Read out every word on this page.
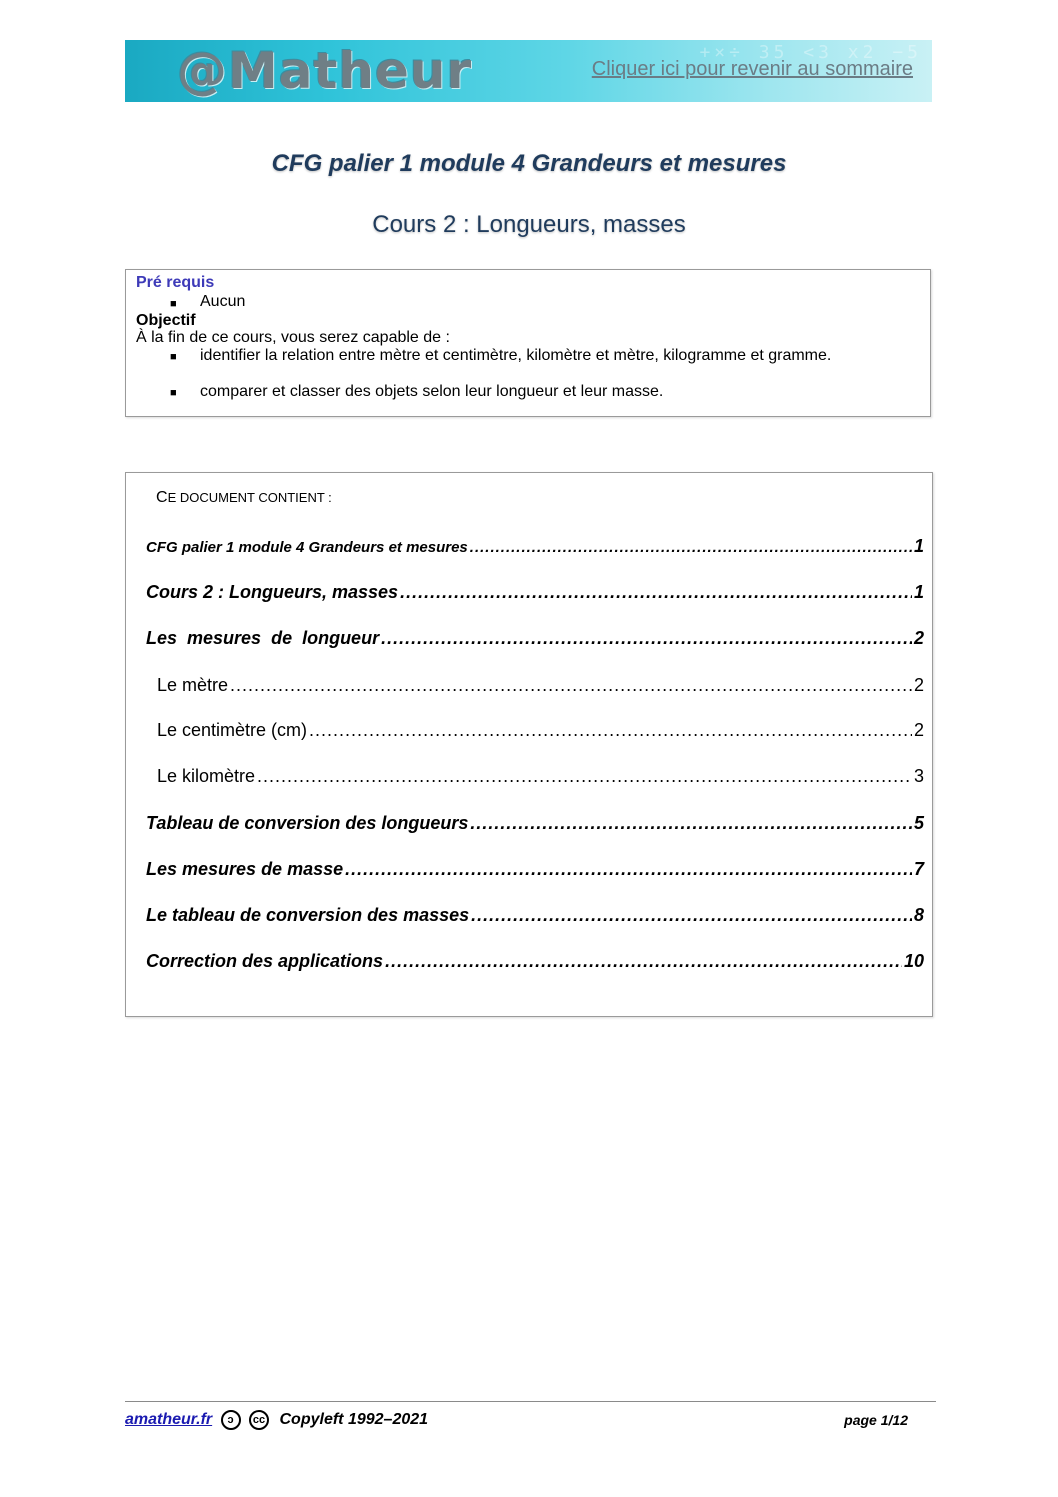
+×÷ 35 <3 x2 −5
@Matheur	Cliquer ici pour revenir au sommaire
CFG palier 1 module 4 Grandeurs et mesures
Cours 2 : Longueurs, masses
Pré requis
■ Aucun
Objectif
À la fin de ce cours, vous serez capable de :
■ identifier la relation entre mètre et centimètre, kilomètre et mètre, kilogramme et gramme.
■ comparer et classer des objets selon leur longueur et leur masse.
CE DOCUMENT CONTIENT :
CFG palier 1 module 4 Grandeurs et mesures .....	1
Cours 2 : Longueurs, masses .....	1
Les  mesures  de  longueur .....	2
Le mètre .....	2
Le centimètre (cm) .....	2
Le kilomètre .....	3
Tableau de conversion des longueurs .....	5
Les mesures de masse .....	7
Le tableau de conversion des masses .....	8
Correction des applications .....	10
amatheur.fr ↄ cc Copyleft 1992–2021	page 1/12
